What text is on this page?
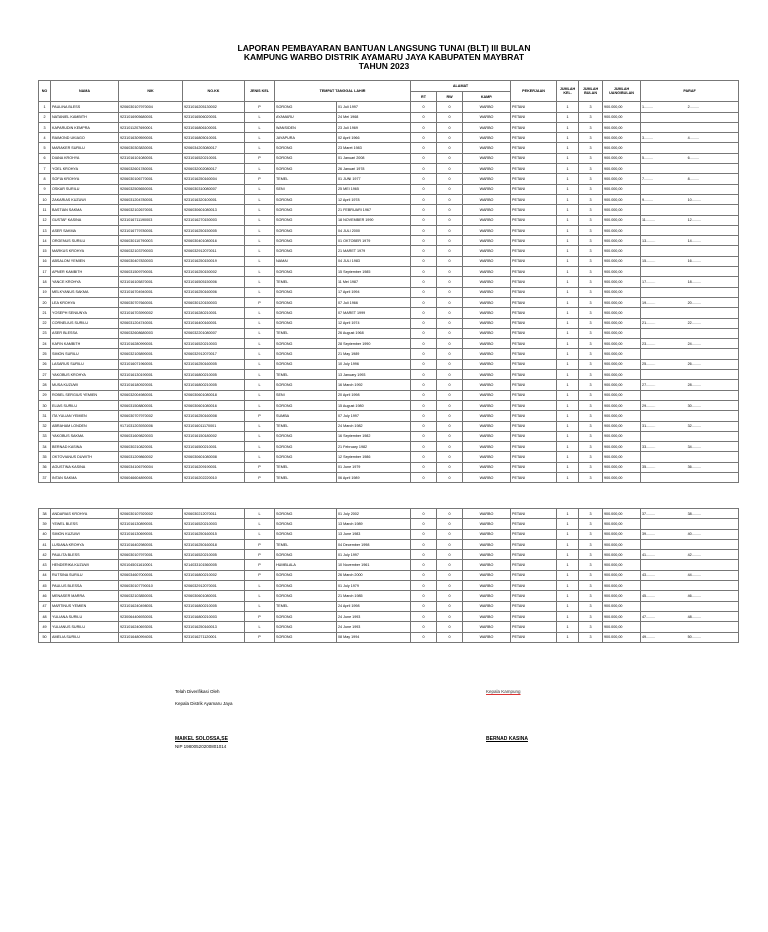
LAPORAN PEMBAYARAN BANTUAN LANGSUNG TUNAI (BLT) III BULAN
KAMPUNG WARBO DISTRIK AYAMARU JAYA KABUPATEN MAYBRAT
TAHUN 2023
NO	NAMA	NIK	NO.KK	JENIS KEL	TEMPAT TANGGAL LAHIR		ALAMAT			PEKERJAAN	JUMLAH KEL.	JUMLAH BULAN	JUMLAH UANG/BULAN	PARAF
							RT	RW	KAMP.					
1	PAULINA BLESS	9206030107970004	9231016205130002	P	SORONG	01 Juli 1997	0	0	WARBO	PETANI	1	3	900.000,00	1......... 2.........
2	NATANIEL KAMBITH	9231016905680001	9231016506020001	L	AYAMARU	24 Mei 1968	0	0	WARBO	PETANI	1	3	900.000,00	
3	KAPARUDIN KEMPRA	9231011207690001	9231016806100001	L	WANSIDEN	23 Juli 1969	0	0	WARBO	PETANI	1	3	900.000,00	
4	RAIMOND UKIAGO	9231016309590001	9231016805010001	L	JAYAPURA	02 April 1966	0	0	WARBO	PETANI	1	3	900.000,00	3......... 4.........
5	MARAKER SURILU	9206030303830001	9206034203080017	L	SORONG	23 Maret 1983	0	0	WARBO	PETANI	1	3	900.000,00	
6	DIANA KROHYA	9231016101080001	9231016520210001	P	SORONG	01 Januari 2008	0	0	WARBO	PETANI	1	3	900.000,00	5......... 6.........
7	YOEL KROHYA	9206032601780001	9206032002080017	L	SORONG	26 Januari 1978	0	0	WARBO	PETANI	1	3	900.000,00	
8	SOFIA KROHYA	9206030106770001	9231016250160004	P	TEMEL	01 JUNI 1977	0	0	WARBO	PETANI	1	3	900.000,00	7......... 8.........
9	OSKAR SURILU	9206032505650001	9206030310080007	L	SENI	25 MEI 1965	0	0	WARBO	PETANI	1	3	900.000,00	
10	ZAKARIAS KUZUWI	9206031204780001	9231016320100001	L	SORONG	12 April 1978	0	0	WARBO	PETANI	1	3	900.000,00	9......... 10.........
11	BASTIAN SAKMA	9206032102670001	9206030601080013	L	SORONG	21 FEBRUARI 1967	0	0	WARBO	PETANI	1	3	900.000,00	
12	GUSTAF KASINA	9231016711190003	9231016270150003	L	SORONG	18 NOVEMBER 1990	0	0	WARBO	PETANI	1	3	900.000,00	11......... 12.........
13	ASER SAKMA	9231016779780001	9231016250150005	L	SORONG	04 JULI 2000	0	0	WARBO	PETANI	1	3	900.000,00	
14	ORGENUS SURILU	9206030110790003	9206030401080016	L	SORONG	01 OKTOBER 1979	0	0	WARBO	PETANI	1	3	900.000,00	13......... 14.........
15	MARKUS KROHYA	9206032103790003	9206032912070011	L	SORONG	21 MARET 1979	0	0	WARBO	PETANI	1	3	900.000,00	
16	ABSALOM YEMIEN	9206030407830003	9231016250150019	L	NAMAI	04 JULI 1983	0	0	WARBO	PETANI	1	3	900.000,00	15......... 16.........
17	APNER KAMBITH	9206031509790001	9231016250150002	L	SORONG	15 September 1985	0	0	WARBO	PETANI	1	3	900.000,00	
18	YANCE KROHYA	9231016105870001	9231016505150006	L	TEMEL	11 Mei 1987	0	0	WARBO	PETANI	1	3	900.000,00	17......... 18.........
19	MELKYANUS SAKMA	9231016704940001	9231016250160006	L	SORONG	17 April 1994	0	0	WARBO	PETANI	1	3	900.000,00	
20	LEA KROHYA	9206030707660001	9206030120150003	P	SORONG	07 Juli 1966	0	0	WARBO	PETANI	1	3	900.000,00	19......... 20.........
21	YOSEPH SENIUNYA	9231016703990002	9231016280210001	L	SORONG	07 MARET 1999	0	0	WARBO	PETANI	1	3	900.000,00	
22	CORNELIUS SURILU	9206031204740001	9231016400160001	L	SORONG	12 April 1974	0	0	WARBO	PETANI	1	3	900.000,00	21......... 22.........
23	ASER BLESSA	9206032608680003	9206032201080007	L	TEMEL	26 August 1968	0	0	WARBO	PETANI	1	3	900.000,00	
24	KAFIN KAMBITH	9231016280990001	9231016520210003	L	SORONG	28 September 1990	0	0	WARBO	PETANI	1	3	900.000,00	23......... 24.........
25	SIMON SURILU	9206032105890001	9206032912070017	L	SORONG	21 May 1989	0	0	WARBO	PETANI	1	3	900.000,00	
26	LASARUS SURILU	9231016071960001	9231016250160005	L	SORONG	10 July 1996	0	0	WARBO	PETANI	1	3	900.000,00	25......... 26.........
27	YAKOBUS KROHYA	9231016130190001	9231016800210005	L	TEMEL	13 January 1993	0	0	WARBO	PETANI	1	3	900.000,00	
28	MUSA KUZUWI	9231016180920001	9231016800210005	L	SORONG	16 March 1992	0	0	WARBO	PETANI	1	3	900.000,00	27......... 28.........
29	ROBEL SERGIUS YEMIEN	9206032004980001	9206030601080018	L	SENI	20 April 1998	0	0	WARBO	PETANI	1	3	900.000,00	
30	ELIAS SURILU	9206031508800001	9206030601080016	L	SORONG	15 August 1980	0	0	WARBO	PETANI	1	3	900.000,00	29......... 30.........
31	ITA YULIAN YEMIEN	9206030707970002	9231016250160008	P	SUMBA	07 July 1997	0	0	WARBO	PETANI	1	3	900.000,00	
32	ABRAHAM LONDEN	9171031203930006	9231016011170001	L	TEMEL	24 March 1982	0	0	WARBO	PETANI	1	3	900.000,00	31......... 32.........
33	YAKOBUS SAKMA	9206031609820003	9231016150180002	L	SORONG	16 September 1982	0	0	WARBO	PETANI	1	3	900.000,00	
34	BERNAD KASINA	9206030210820001	9231016500210001	L	SORONG	21 February 1982	0	0	WARBO	PETANI	1	3	900.000,00	33......... 34.........
35	OKTOVIANUS DUWITH	9206031209860002	9206030601080008	L	SORONG	12 September 1986	0	0	WARBO	PETANI	1	3	900.000,00	
36	AGUSTINA KASINA	9206034106790004	9231016209190001	P	TEMEL	01 June 1979	0	0	WARBO	PETANI	1	3	900.000,00	35......... 36.........
37	INTAN SAKMA	9206046604890001	9231016202220010	P	TEMEL	06 April 1989	0	0	WARBO	PETANI	1	3	900.000,00	
38	ANDARIAS KROHYA	9206030107920002	9206030212070011	L	SORONG	01 July 2002	0	0	WARBO	PETANI	1	3	900.000,00	37......... 38.........
39	YEWEL BLESS	9231016130890001	9231016520210003	L	SORONG	13 March 1989	0	0	WARBO	PETANI	1	3	900.000,00	
40	SIMON KUZUWI	9231016130690001	9231016250160015	L	SORONG	13 June 1983	0	0	WARBO	PETANI	1	3	900.000,00	39......... 40.........
41	LUSIANA KROHYA	9231016402980001	9231016250160018	P	TEMEL	04 December 1998	0	0	WARBO	PETANI	1	3	900.000,00	
42	PAULITA BLESS	9206030107970001	9231016520210005	P	SORONG	01 July 1997	0	0	WARBO	PETANI	1	3	900.000,00	41......... 42.........
43	HENDERIKA KUZUWI	9201045011610001	9214033101560005	P	HUMBLALA	10 November 1961	0	0	WARBO	PETANI	1	3	900.000,00	
44	RUTSINA SURILU	9206034607000001	9231016800210002	P	SORONG	26 March 2000	0	0	WARBO	PETANI	1	3	900.000,00	43......... 44.........
45	PAULUS BLESSA	9206030107790010	9206032912070001	L	SORONG	01 July 1979	0	0	WARBO	PETANI	1	3	900.000,00	
46	MENASER MARRA	9206032103850001	9206030601080001	L	SORONG	21 March 1985	0	0	WARBO	PETANI	1	3	900.000,00	45......... 46.........
47	MARTINUS YEMIEN	9231016240498001	9231016800210005	L	TEMEL	24 April 1998	0	0	WARBO	PETANI	1	3	900.000,00	
48	YULIANA SURILU	9230064406930001	9231016800210003	P	SORONG	24 June 1993	0	0	WARBO	PETANI	1	3	900.000,00	47......... 48.........
49	YULIANUS SURILU	9231016240693001	9231016250160013	L	SORONG	24 June 1993	0	0	WARBO	PETANI	1	3	900.000,00	
50	AMELIA SURILU	9231016480994001	9231016271120001	P	SORONG	08 May 1994	0	0	WARBO	PETANI	1	3	900.000,00	49......... 50.........
Telah Diverifikasi Oleh
Kepala Distrik Ayamaru Jaya
MAIKEL SOLOSSA,SE
NIP 19800520200801014
Kepala Kampung
BERNAD KASINA
